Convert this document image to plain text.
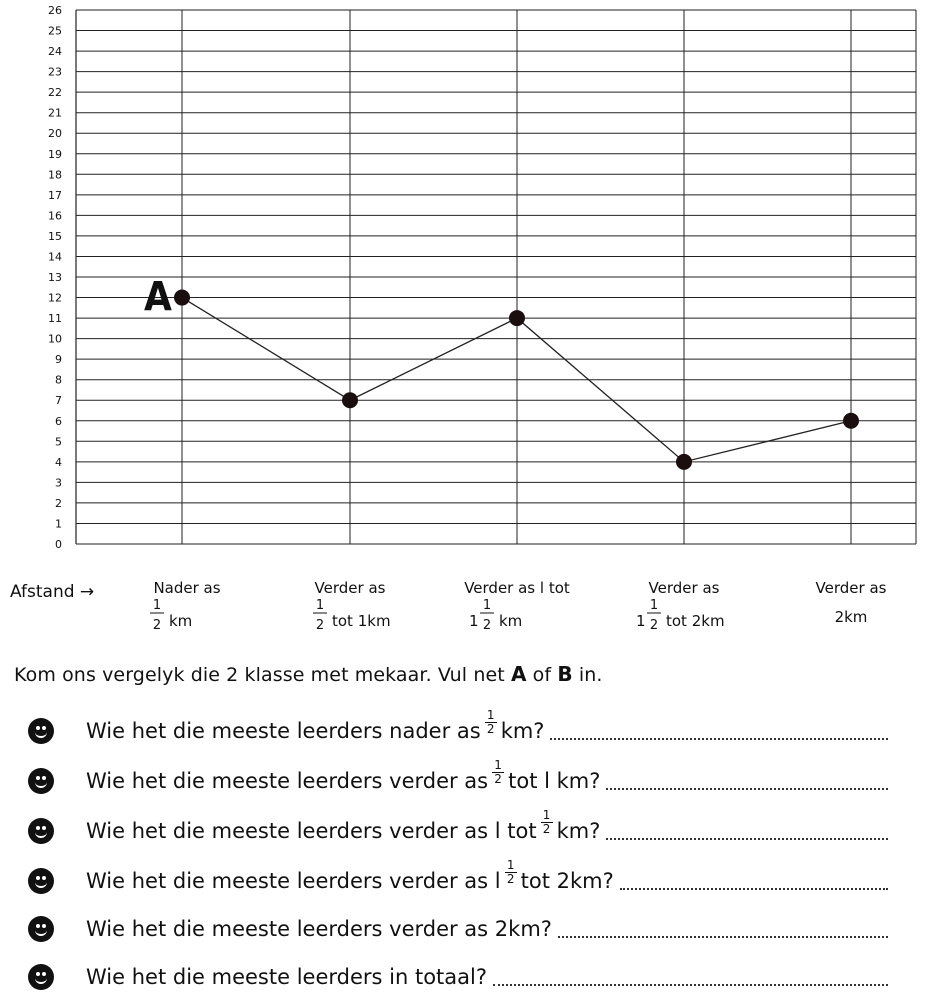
0
1
2
3
4
5
6
7
8
9
10
11
12
13
14
15
16
17
18
19
20
21
22
23
24
25
26
A
Afstand →	Nader as
1
2 km
Verder as
1
2 tot 1km
Verder as l tot
1
1
2 km
Verder as
1
1
2 tot 2km
Verder as
2km
Kom ons vergelyk die 2 klasse met mekaar. Vul net A of B in.
Wie het die meeste leerders nader as $\frac{1}{2}$ km?
Wie het die meeste leerders verder as $\frac{1}{2}$ tot l km?
Wie het die meeste leerders verder as l tot $\frac{1}{2}$ km?
Wie het die meeste leerders verder as l $\frac{1}{2}$ tot 2km?
Wie het die meeste leerders verder as 2km?
Wie het die meeste leerders in totaal?
